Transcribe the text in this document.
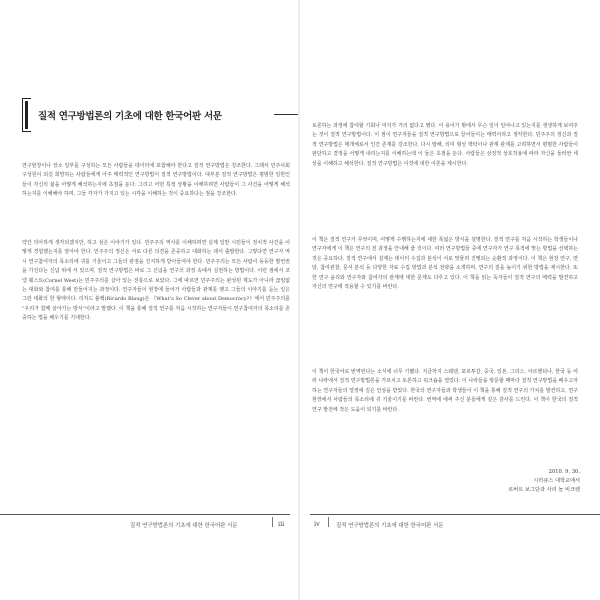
질적 연구방법론의 기초에 대한 한국어판 서문
연구현장이나 장소 일부를 구성하는 모든 사람들을 데이터에 포함해야 한다고 질적 연구방법은 강조한다. 그래서 민주사회 구성원이 되길 희망하는 사람들에게 아주 매력적인 연구방법이 질적 연구방법이다. 대부분 질적 연구방법은 평범한 일반인들이 자신의 삶을 어떻게 해석하는지에 초점을 둔다. 그리고 어떤 특정 상황을 이해하려면 사람들이 그 사건을 어떻게 해석하는지를 이해해야 하며, 그들 각자가 가지고 있는 시각을 이해하는 것이 중요하다는 점을 강조한다.
약간 의아하게 생각되겠지만, 하고 싶은 이야기가 있다. 민주주의 역사를 이해하려면 실제 일반 시민들이 정치적 사건을 어떻게 경험했는지를 알아야 한다. 민주주의 정신은 서로 다른 의견을 존중하고 대화하는 데서 출발한다. 그렇다면 연구자 역시 연구참여자의 목소리에 귀를 기울이고 그들의 관점을 진지하게 받아들여야 한다. 민주주의는 모든 사람이 동등한 발언권을 가진다는 신념 위에 서 있으며, 질적 연구방법은 바로 그 신념을 연구의 과정 속에서 실천하는 방법이다. 이런 점에서 코넬 웨스트(Cornel West)는 민주주의를 살아 있는 전통으로 보았다. 그에 따르면 민주주의는 완성된 제도가 아니라 끊임없는 대화와 참여를 통해 만들어지는 과정이다. 연구자들이 현장에 들어가 사람들과 관계를 맺고 그들의 이야기를 듣는 일은 그런 대화의 한 형태이다. 리처드 블랙(Ricardo Blaug)은 《What’s So Clever about Democracy?》에서 민주주의를 “우리가 함께 살아가는 방식”이라고 말했다. 이 책을 통해 질적 연구를 처음 시작하는 연구자들이 연구참여자의 목소리를 존중하는 법을 배우기를 기대한다.
질적 연구방법론의 기초에 대한 한국어판 서문	iii
토론하는 과정에 참여할 기회나 여지가 거의 없다고 했다. 이 용어가 밖에서 무슨 일이 일어나고 있는지를 생생하게 보여주는 것이 질적 연구방법이다. 이 점이 연구자들을 질적 연구방법으로 끌어들이는 매력이라고 생각한다. 민주주의 정신과 질적 연구방법은 매개체로서 인간 존재를 강조한다. 다시 말해, 의미 형성 맥락이나 관계 관계를 고려하면서 평범한 사람들이 판단하고 결정을 어떻게 내리는지를 이해하는데 이 둘은 초점을 둔다. 사람들은 상징적 상호작용에 따라 자신을 둘러싼 세상을 이해하고 해석한다. 질적 연구방법은 이것에 대한 이론을 제시한다.
이 책은 질적 연구가 무엇이며, 어떻게 수행하는지에 대한 폭넓은 방식을 설명한다. 질적 연구를 처음 시작하는 학생들이나 연구자에게 이 책은 연구의 전 과정을 안내해 줄 것이다. 여러 연구방법들 중에 연구자가 연구 목적에 맞는 방법을 선택하는 것은 중요하다. 질적 연구에서 설계는 데이터 수집과 분석이 서로 맞물려 진행되는 순환적 과정이다. 이 책은 현장 연구, 면담, 참여관찰, 문서 분석 등 다양한 자료 수집 방법과 분석 전략을 소개하며, 연구의 질을 높이기 위한 방법을 제시한다. 또한 연구 윤리와 연구자와 참여자의 관계에 대한 문제도 다루고 있다. 이 책을 읽는 독자들이 질적 연구의 매력을 발견하고 자신의 연구에 적용할 수 있기를 바란다.
이 책이 한국어로 번역된다는 소식에 너무 기뻤다. 지금까지 스웨덴, 포르투갈, 중국, 일본, 그리스, 아르헨티나, 한국 등 여러 나라에서 질적 연구방법론을 가르치고 토론하고 워크숍을 열었다. 이 나라들을 방문할 때마다 질적 연구방법을 배우고자 하는 연구자들의 열정에 깊은 인상을 받았다. 한국의 연구자들과 학생들이 이 책을 통해 질적 연구의 가치를 발견하고, 연구 현장에서 사람들의 목소리에 귀 기울이기를 바란다. 번역에 애써 주신 분들에게 깊은 감사를 드린다. 이 책이 한국의 질적 연구 발전에 작은 도움이 되기를 바란다.
2010. 9. 30.
시러큐스 대학교에서
로버트 보그단과 사리 놀 비크렌
iv	질적 연구방법론의 기초에 대한 한국어판 서문
